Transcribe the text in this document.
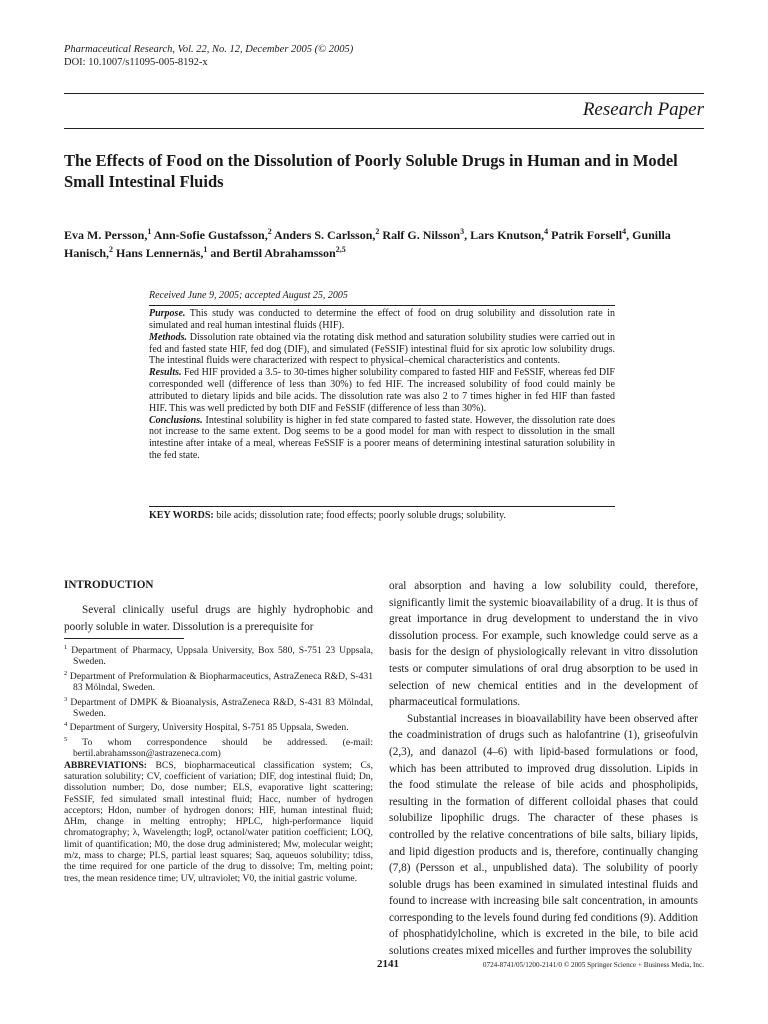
Pharmaceutical Research, Vol. 22, No. 12, December 2005 (© 2005)
DOI: 10.1007/s11095-005-8192-x
Research Paper
The Effects of Food on the Dissolution of Poorly Soluble Drugs in Human and in Model Small Intestinal Fluids
Eva M. Persson,$^1$ Ann-Sofie Gustafsson,$^2$ Anders S. Carlsson,$^2$ Ralf G. Nilsson$^3$, Lars Knutson,$^4$ Patrik Forsell$^4$, Gunilla Hanisch,$^2$ Hans Lennernäs,$^1$ and Bertil Abrahamsson$^{2,5}$
Received June 9, 2005; accepted August 25, 2005

Purpose. This study was conducted to determine the effect of food on drug solubility and dissolution rate in simulated and real human intestinal fluids (HIF).

Methods. Dissolution rate obtained via the rotating disk method and saturation solubility studies were carried out in fed and fasted state HIF, fed dog (DIF), and simulated (FeSSIF) intestinal fluid for six aprotic low solubility drugs. The intestinal fluids were characterized with respect to physical–chemical characteristics and contents.

Results. Fed HIF provided a 3.5- to 30-times higher solubility compared to fasted HIF and FeSSIF, whereas fed DIF corresponded well (difference of less than 30%) to fed HIF. The increased solubility of food could mainly be attributed to dietary lipids and bile acids. The dissolution rate was also 2 to 7 times higher in fed HIF than fasted HIF. This was well predicted by both DIF and FeSSIF (difference of less than 30%).

Conclusions. Intestinal solubility is higher in fed state compared to fasted state. However, the dissolution rate does not increase to the same extent. Dog seems to be a good model for man with respect to dissolution in the small intestine after intake of a meal, whereas FeSSIF is a poorer means of determining intestinal saturation solubility in the fed state.

KEY WORDS: bile acids; dissolution rate; food effects; poorly soluble drugs; solubility.
INTRODUCTION

Several clinically useful drugs are highly hydrophobic and poorly soluble in water. Dissolution is a prerequisite for

$^1$ Department of Pharmacy, Uppsala University, Box 580, S-751 23 Uppsala, Sweden.

$^2$ Department of Preformulation & Biopharmaceutics, AstraZeneca R&D, S-431 83 Mölndal, Sweden.

$^3$ Department of DMPK & Bioanalysis, AstraZeneca R&D, S-431 83 Mölndal, Sweden.

$^4$ Department of Surgery, University Hospital, S-751 85 Uppsala, Sweden.

$^5$ To whom correspondence should be addressed. (e-mail: bertil.abrahamsson@astrazeneca.com)

ABBREVIATIONS: BCS, biopharmaceutical classification system; Cs, saturation solubility; CV, coefficient of variation; DIF, dog intestinal fluid; Dn, dissolution number; Do, dose number; ELS, evaporative light scattering; FeSSIF, fed simulated small intestinal fluid; Hacc, number of hydrogen acceptors; Hdon, number of hydrogen donors; HIF, human intestinal fluid; ΔHm, change in melting entrophy; HPLC, high-performance liquid chromatography; λ, Wavelength; logP, octanol/water patition coefficient; LOQ, limit of quantification; M0, the dose drug administered; Mw, molecular weight; m/z, mass to charge; PLS, partial least squares; Saq, aqueuos solubility; tdiss, the time required for one particle of the drug to dissolve; Tm, melting point; tres, the mean residence time; UV, ultraviolet; V0, the initial gastric volume.

oral absorption and having a low solubility could, therefore, significantly limit the systemic bioavailability of a drug. It is thus of great importance in drug development to understand the in vivo dissolution process. For example, such knowledge could serve as a basis for the design of physiologically relevant in vitro dissolution tests or computer simulations of oral drug absorption to be used in selection of new chemical entities and in the development of pharmaceutical formulations.

Substantial increases in bioavailability have been observed after the coadministration of drugs such as halofantrine (1), griseofulvin (2,3), and danazol (4–6) with lipid-based formulations or food, which has been attributed to improved drug dissolution. Lipids in the food stimulate the release of bile acids and phospholipids, resulting in the formation of different colloidal phases that could solubilize lipophilic drugs. The character of these phases is controlled by the relative concentrations of bile salts, biliary lipids, and lipid digestion products and is, therefore, continually changing (7,8) (Persson et al., unpublished data). The solubility of poorly soluble drugs has been examined in simulated intestinal fluids and found to increase with increasing bile salt concentration, in amounts corresponding to the levels found during fed conditions (9). Addition of phosphatidylcholine, which is excreted in the bile, to bile acid solutions creates mixed micelles and further improves the solubility

2141	0724-8741/05/1200-2141/0 © 2005 Springer Science + Business Media, Inc.
